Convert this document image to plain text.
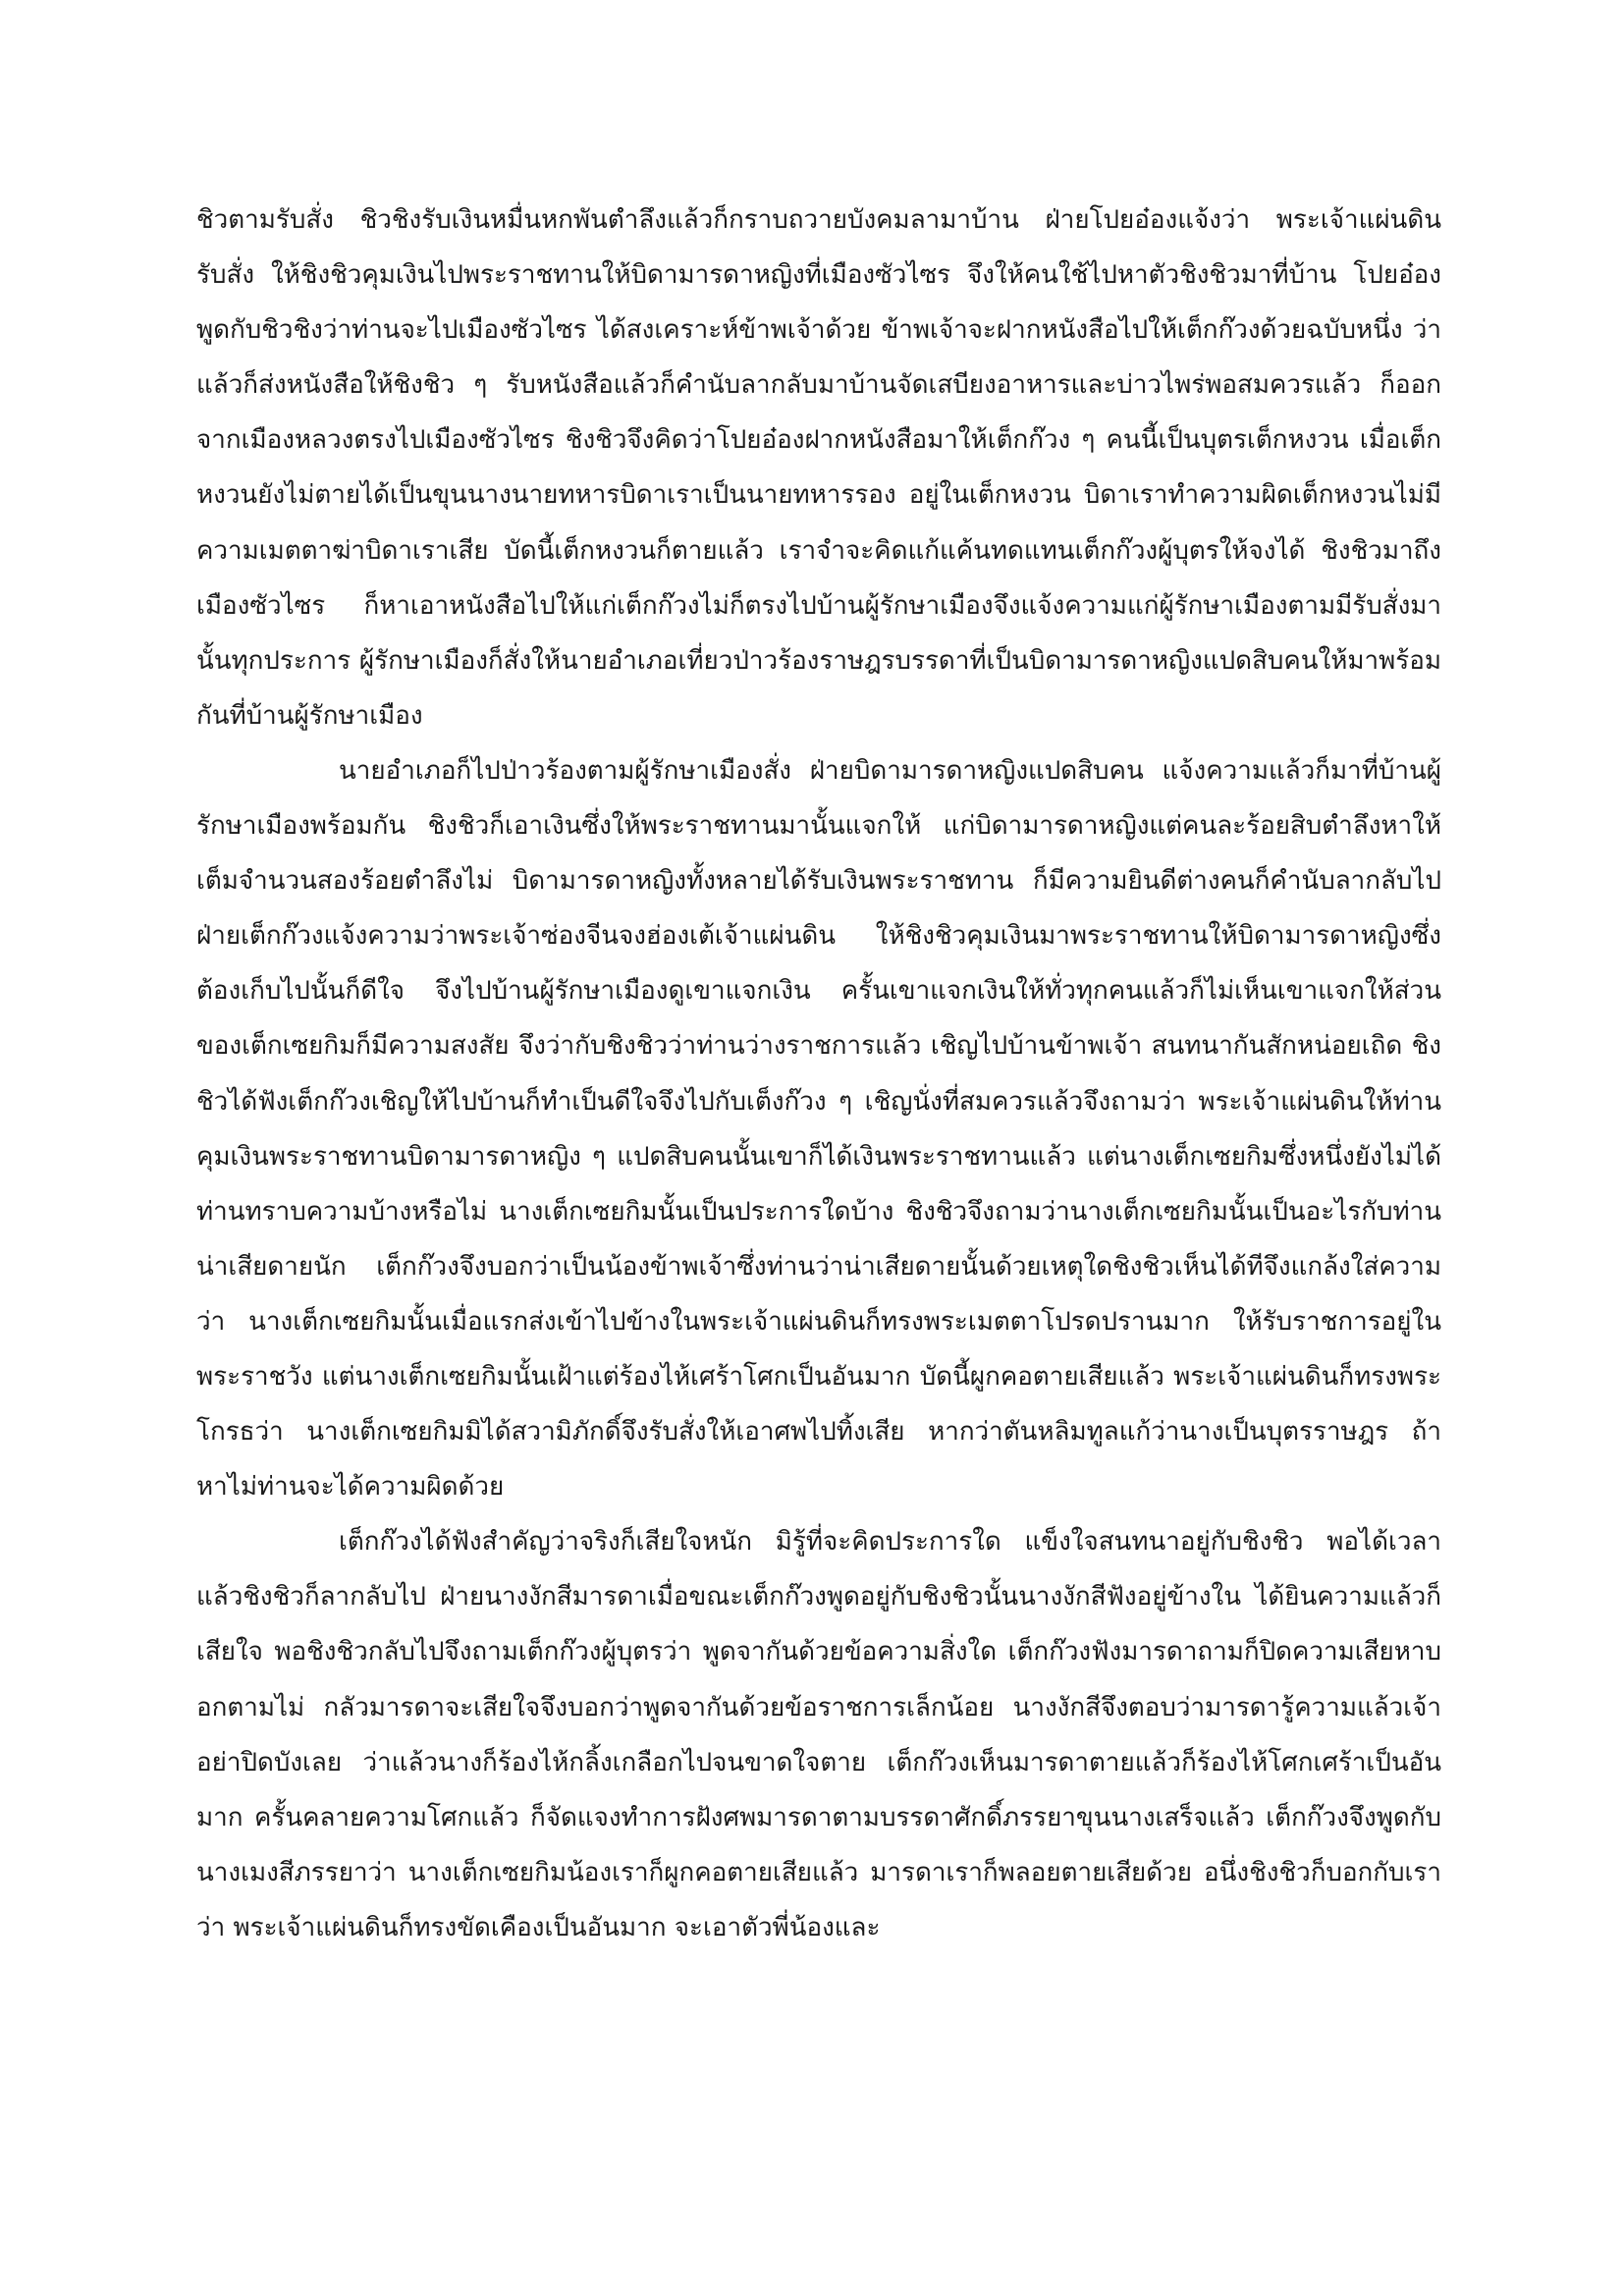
ชิวตามรับสั่ง ชิวชิงรับเงินหมื่นหกพันตำลึงแล้วก็กราบถวายบังคมลามาบ้าน ฝ่ายโปยอ๋องแจ้งว่า พระเจ้าแผ่นดินรับสั่ง ให้ชิงชิวคุมเงินไปพระราชทานให้บิดามารดาหญิงที่เมืองซัวไซร จึงให้คนใช้ไปหาตัวชิงชิวมาที่บ้าน โปยอ๋องพูดกับชิวชิงว่าท่านจะไปเมืองซัวไซร ได้สงเคราะห์ข้าพเจ้าด้วย ข้าพเจ้าจะฝากหนังสือไปให้เต็กก๊วงด้วยฉบับหนึ่ง ว่าแล้วก็ส่งหนังสือให้ชิงชิว ๆ รับหนังสือแล้วก็คำนับลากลับมาบ้านจัดเสบียงอาหารและบ่าวไพร่พอสมควรแล้ว ก็ออกจากเมืองหลวงตรงไปเมืองซัวไซร ชิงชิวจึงคิดว่าโปยอ๋องฝากหนังสือมาให้เต็กก๊วง ๆ คนนี้เป็นบุตรเต็กหงวน เมื่อเต็กหงวนยังไม่ตายได้เป็นขุนนางนายทหารบิดาเราเป็นนายทหารรอง อยู่ในเต็กหงวน บิดาเราทำความผิดเต็กหงวนไม่มีความเมตตาฆ่าบิดาเราเสีย บัดนี้เต็กหงวนก็ตายแล้ว เราจำจะคิดแก้แค้นทดแทนเต็กก๊วงผู้บุตรให้จงได้ ชิงชิวมาถึงเมืองซัวไซร ก็หาเอาหนังสือไปให้แก่เต็กก๊วงไม่ก็ตรงไปบ้านผู้รักษาเมืองจึงแจ้งความแก่ผู้รักษาเมืองตามมีรับสั่งมานั้นทุกประการ ผู้รักษาเมืองก็สั่งให้นายอำเภอเที่ยวป่าวร้องราษฎรบรรดาที่เป็นบิดามารดาหญิงแปดสิบคนให้มาพร้อมกันที่บ้านผู้รักษาเมือง

นายอำเภอก็ไปป่าวร้องตามผู้รักษาเมืองสั่ง ฝ่ายบิดามารดาหญิงแปดสิบคน แจ้งความแล้วก็มาที่บ้านผู้รักษาเมืองพร้อมกัน ชิงชิวก็เอาเงินซึ่งให้พระราชทานมานั้นแจกให้ แก่บิดามารดาหญิงแต่คนละร้อยสิบตำลึงหาให้เต็มจำนวนสองร้อยตำลึงไม่ บิดามารดาหญิงทั้งหลายได้รับเงินพระราชทาน ก็มีความยินดีต่างคนก็คำนับลากลับไป ฝ่ายเต็กก๊วงแจ้งความว่าพระเจ้าซ่องจีนจงฮ่องเต้เจ้าแผ่นดิน ให้ชิงชิวคุมเงินมาพระราชทานให้บิดามารดาหญิงซึ่งต้องเก็บไปนั้นก็ดีใจ จึงไปบ้านผู้รักษาเมืองดูเขาแจกเงิน ครั้นเขาแจกเงินให้ทั่วทุกคนแล้วก็ไม่เห็นเขาแจกให้ส่วนของเต็กเซยกิมก็มีความสงสัย จึงว่ากับชิงชิวว่าท่านว่างราชการแล้ว เชิญไปบ้านข้าพเจ้า สนทนากันสักหน่อยเถิด ชิงชิวได้ฟังเต็กก๊วงเชิญให้ไปบ้านก็ทำเป็นดีใจจึงไปกับเต็งก๊วง ๆ เชิญนั่งที่สมควรแล้วจึงถามว่า พระเจ้าแผ่นดินให้ท่านคุมเงินพระราชทานบิดามารดาหญิง ๆ แปดสิบคนนั้นเขาก็ได้เงินพระราชทานแล้ว แต่นางเต็กเซยกิมซึ่งหนึ่งยังไม่ได้ ท่านทราบความบ้างหรือไม่ นางเต็กเซยกิมนั้นเป็นประการใดบ้าง ชิงชิวจึงถามว่านางเต็กเซยกิมนั้นเป็นอะไรกับท่าน น่าเสียดายนัก เต็กก๊วงจึงบอกว่าเป็นน้องข้าพเจ้าซึ่งท่านว่าน่าเสียดายนั้นด้วยเหตุใดชิงชิวเห็นได้ทีจึงแกล้งใส่ความว่า นางเต็กเซยกิมนั้นเมื่อแรกส่งเข้าไปข้างในพระเจ้าแผ่นดินก็ทรงพระเมตตาโปรดปรานมาก ให้รับราชการอยู่ในพระราชวัง แต่นางเต็กเซยกิมนั้นเฝ้าแต่ร้องไห้เศร้าโศกเป็นอันมาก บัดนี้ผูกคอตายเสียแล้ว พระเจ้าแผ่นดินก็ทรงพระโกรธว่า นางเต็กเซยกิมมิได้สวามิภักดิ์จึงรับสั่งให้เอาศพไปทิ้งเสีย หากว่าตันหลิมทูลแก้ว่านางเป็นบุตรราษฎร ถ้าหาไม่ท่านจะได้ความผิดด้วย

เต็กก๊วงได้ฟังสำคัญว่าจริงก็เสียใจหนัก มิรู้ที่จะคิดประการใด แข็งใจสนทนาอยู่กับชิงชิว พอได้เวลาแล้วชิงชิวก็ลากลับไป ฝ่ายนางงักสีมารดาเมื่อขณะเต็กก๊วงพูดอยู่กับชิงชิวนั้นนางงักสีฟังอยู่ข้างใน ได้ยินความแล้วก็เสียใจ พอชิงชิวกลับไปจึงถามเต็กก๊วงผู้บุตรว่า พูดจากันด้วยข้อความสิ่งใด เต็กก๊วงฟังมารดาถามก็ปิดความเสียหาบอกตามไม่ กลัวมารดาจะเสียใจจึงบอกว่าพูดจากันด้วยข้อราชการเล็กน้อย นางงักสีจึงตอบว่ามารดารู้ความแล้วเจ้าอย่าปิดบังเลย ว่าแล้วนางก็ร้องไห้กลิ้งเกลือกไปจนขาดใจตาย เต็กก๊วงเห็นมารดาตายแล้วก็ร้องไห้โศกเศร้าเป็นอันมาก ครั้นคลายความโศกแล้ว ก็จัดแจงทำการฝังศพมารดาตามบรรดาศักดิ์ภรรยาขุนนางเสร็จแล้ว เต็กก๊วงจึงพูดกับนางเมงสีภรรยาว่า นางเต็กเซยกิมน้องเราก็ผูกคอตายเสียแล้ว มารดาเราก็พลอยตายเสียด้วย อนึ่งชิงชิวก็บอกกับเราว่า พระเจ้าแผ่นดินก็ทรงขัดเคืองเป็นอันมาก จะเอาตัวพี่น้องและ
